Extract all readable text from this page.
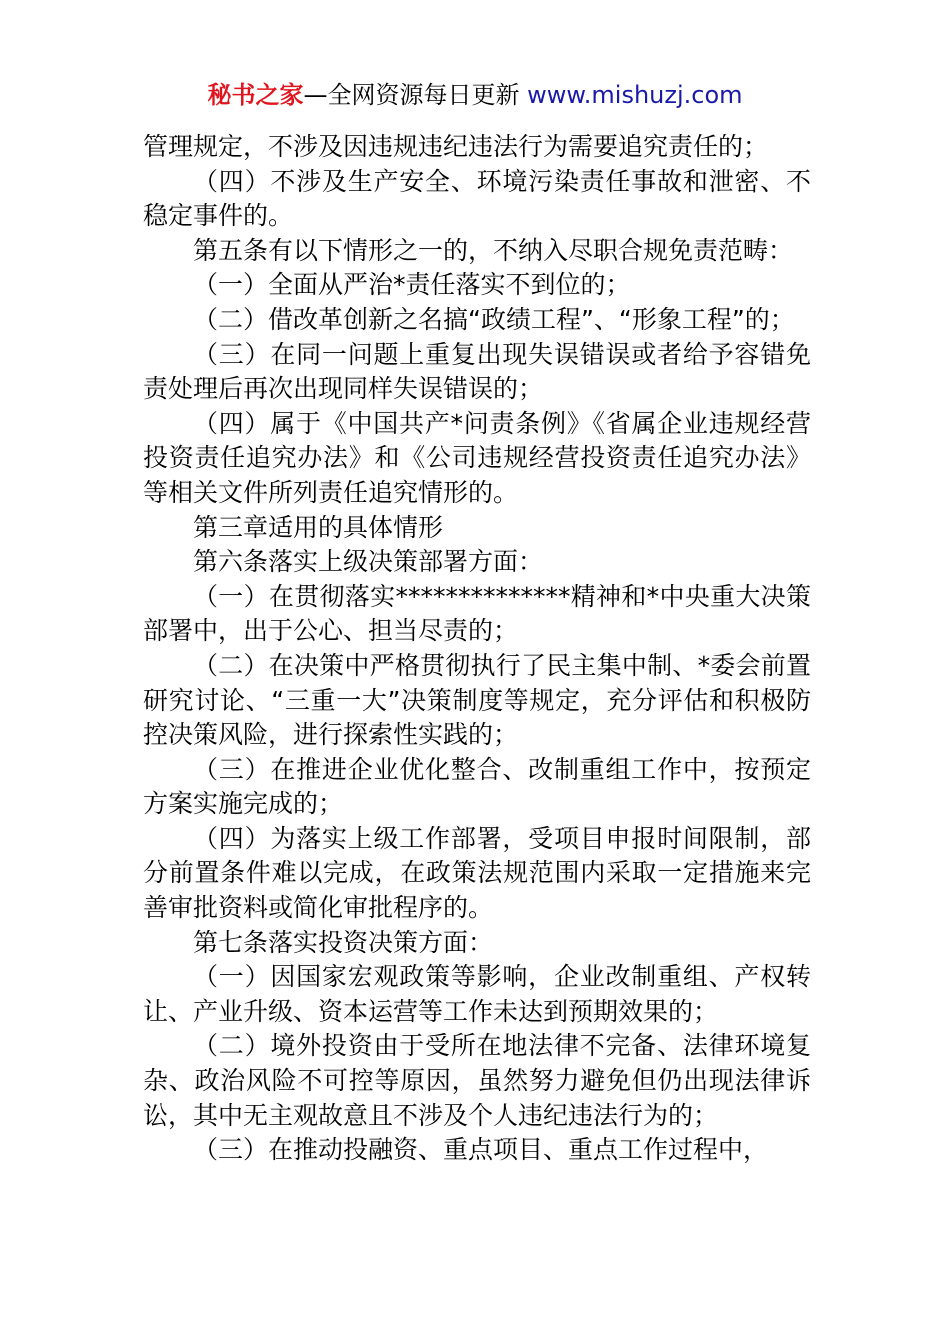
秘书之家—全网资源每日更新 www.mishuzj.com

管理规定，不涉及因违规违纪违法行为需要追究责任的；

（四）不涉及生产安全、环境污染责任事故和泄密、不稳定事件的。

第五条有以下情形之一的，不纳入尽职合规免责范畴：

（一）全面从严治*责任落实不到位的；

（二）借改革创新之名搞“政绩工程”、“形象工程”的；

（三）在同一问题上重复出现失误错误或者给予容错免责处理后再次出现同样失误错误的；

（四）属于《中国共产*问责条例》《省属企业违规经营投资责任追究办法》和《公司违规经营投资责任追究办法》等相关文件所列责任追究情形的。

第三章适用的具体情形

第六条落实上级决策部署方面：

（一）在贯彻落实**************精神和*中央重大决策部署中，出于公心、担当尽责的；

（二）在决策中严格贯彻执行了民主集中制、*委会前置研究讨论、“三重一大”决策制度等规定，充分评估和积极防控决策风险，进行探索性实践的；

（三）在推进企业优化整合、改制重组工作中，按预定方案实施完成的；

（四）为落实上级工作部署，受项目申报时间限制，部分前置条件难以完成，在政策法规范围内采取一定措施来完善审批资料或简化审批程序的。

第七条落实投资决策方面：

（一）因国家宏观政策等影响，企业改制重组、产权转让、产业升级、资本运营等工作未达到预期效果的；

（二）境外投资由于受所在地法律不完备、法律环境复杂、政治风险不可控等原因，虽然努力避免但仍出现法律诉讼，其中无主观故意且不涉及个人违纪违法行为的；

（三）在推动投融资、重点项目、重点工作过程中，
